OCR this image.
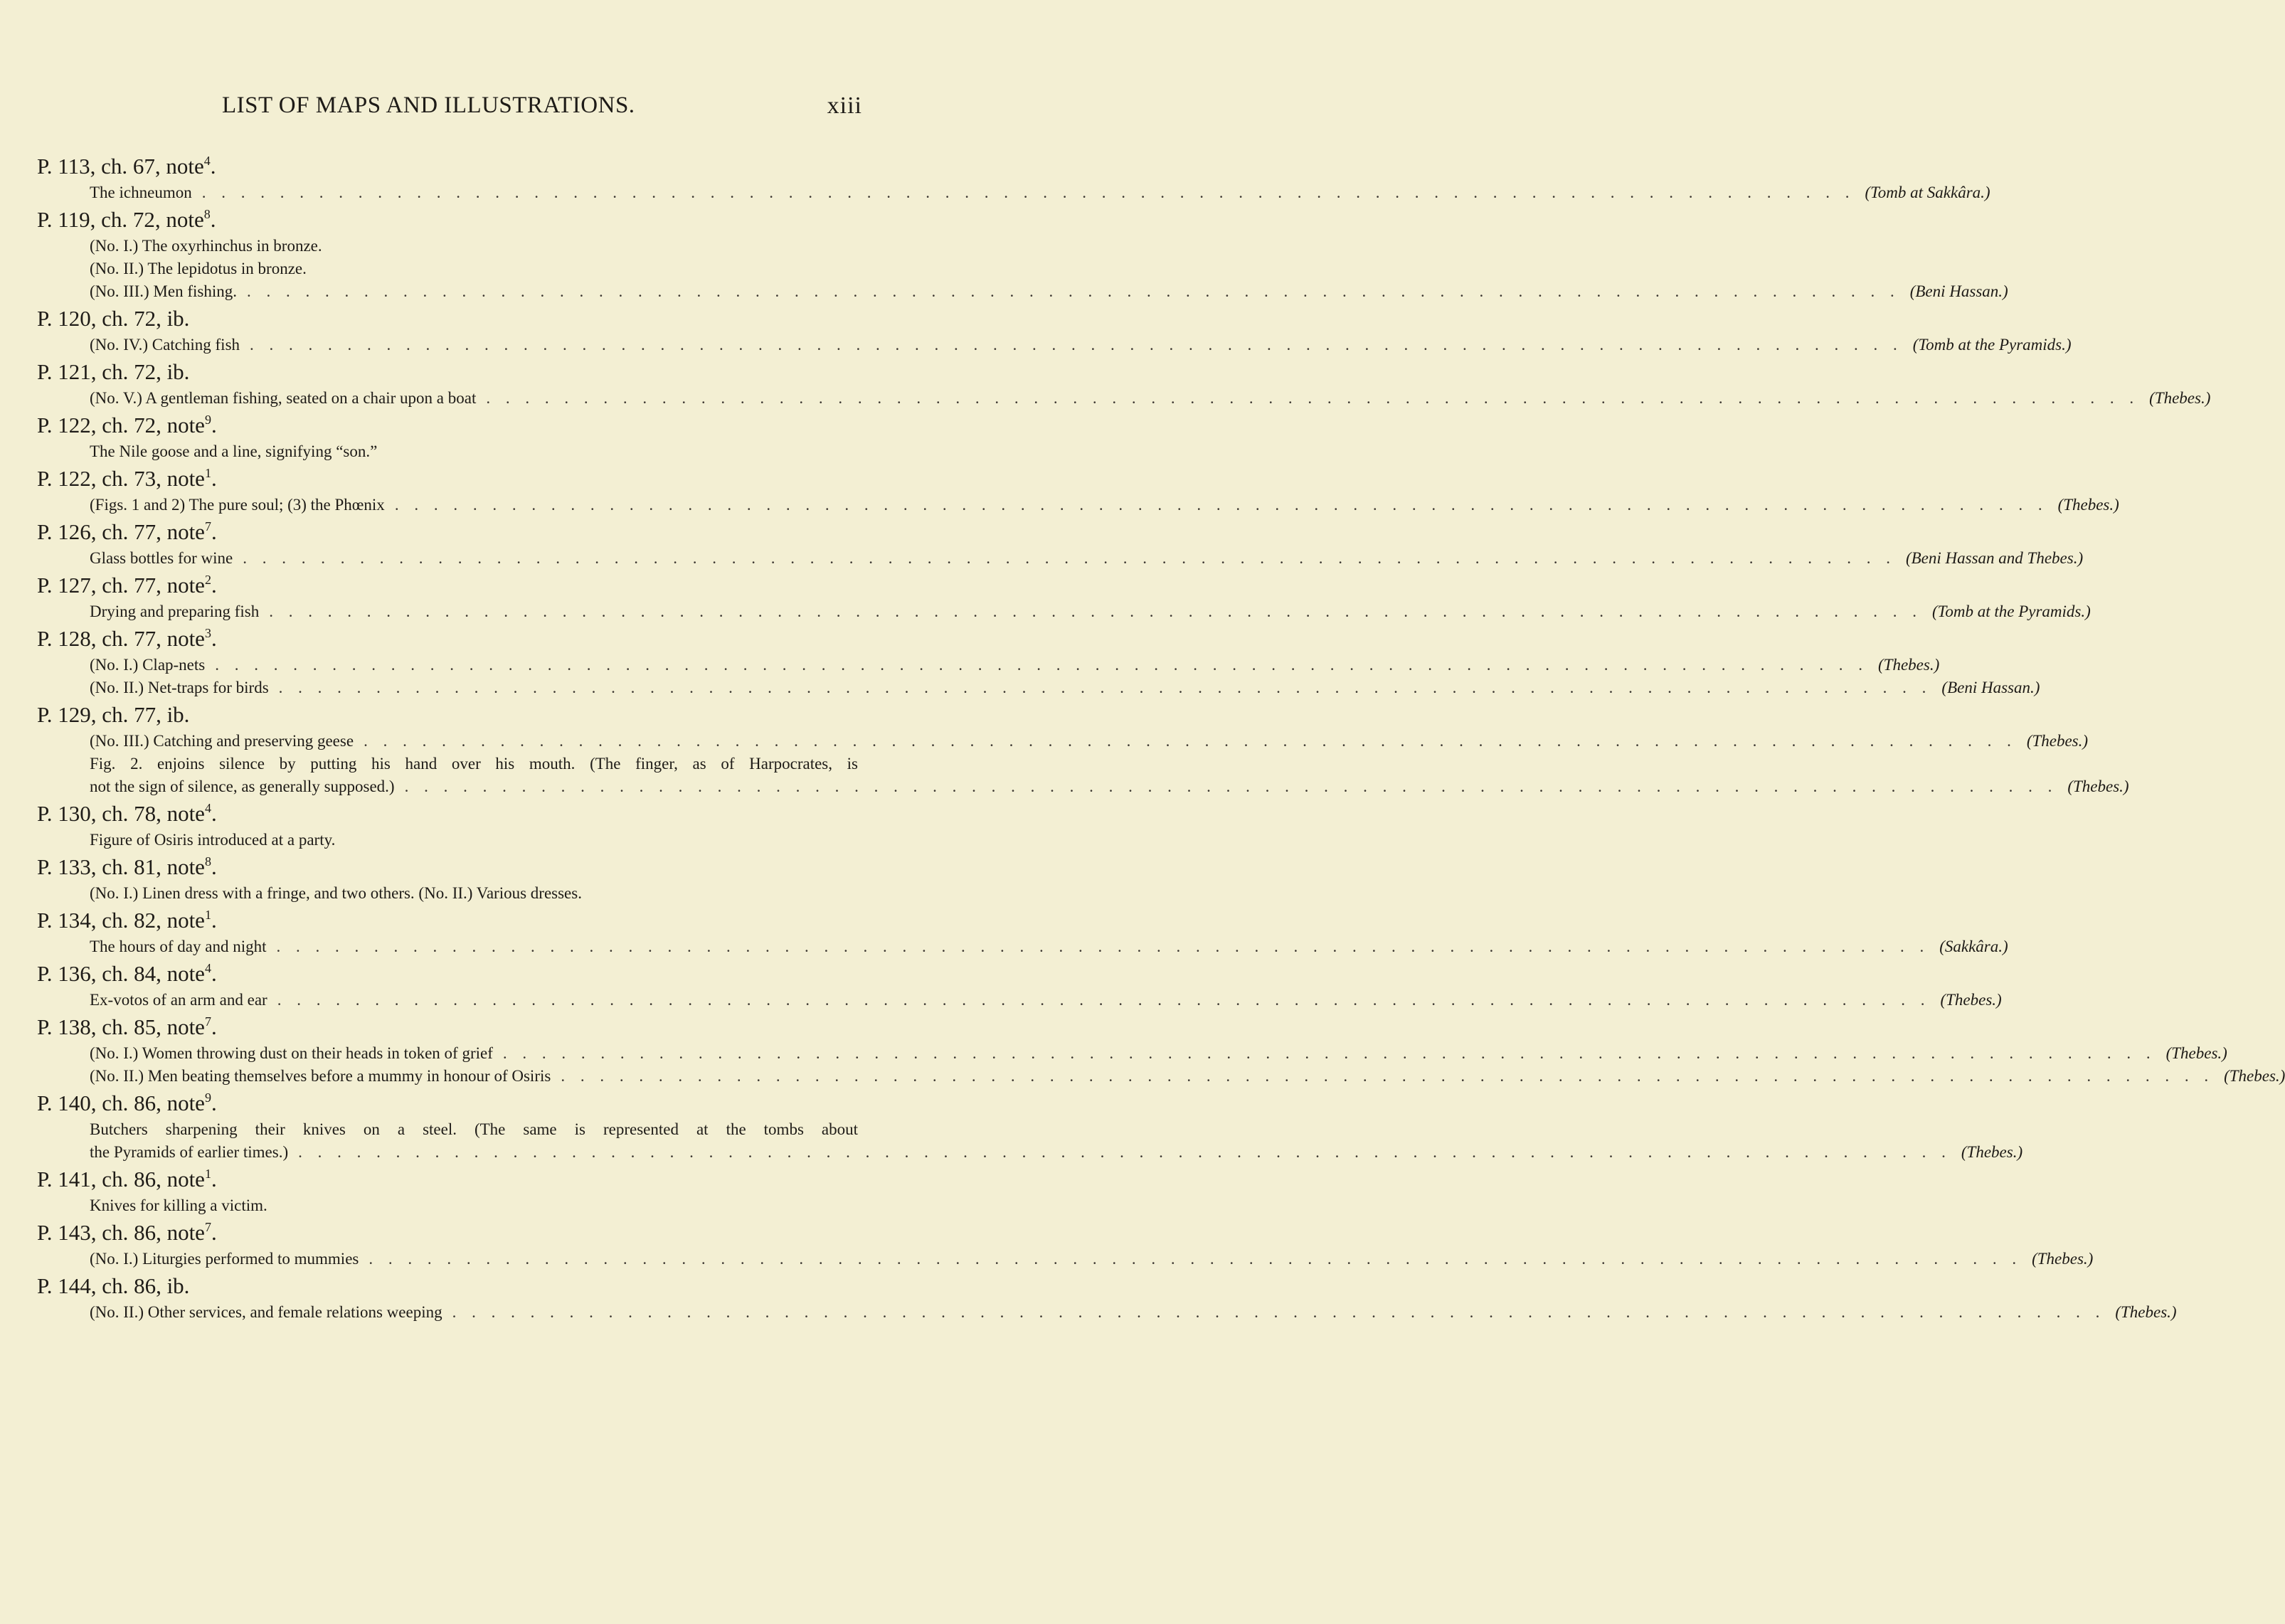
LIST OF MAPS AND ILLUSTRATIONS.	xiii
P. 113, ch. 67, note$^4$.
The ichneumon . . . . . . . . . . . . . . . . . . . . . . . . . . . . . . . . . . . . . . . . . . . . . . . . . . . . . . . . . . . . . . . . . . . . . . . . . . . . . . . . . . . . . (Tomb at Sakkâra.)
P. 119, ch. 72, note$^8$.
(No. I.) The oxyrhinchus in bronze.
(No. II.) The lepidotus in bronze.
(No. III.) Men fishing. . . . . . . . . . . . . . . . . . . . . . . . . . . . . . . . . . . . . . . . . . . . . . . . . . . . . . . . . . . . . . . . . . . . . . . . . . . . . . . . . . . . . . (Beni Hassan.)
P. 120, ch. 72, ib.
(No. IV.) Catching fish . . . . . . . . . . . . . . . . . . . . . . . . . . . . . . . . . . . . . . . . . . . . . . . . . . . . . . . . . . . . . . . . . . . . . . . . . . . . . . . . . . . . . (Tomb at the Pyramids.)
P. 121, ch. 72, ib.
(No. V.) A gentleman fishing, seated on a chair upon a boat . . . . . . . . . . . . . . . . . . . . . . . . . . . . . . . . . . . . . . . . . . . . . . . . . . . . . . . . . . . . . . . . . . . . . . . . . . . . . . . . . . . . . (Thebes.)
P. 122, ch. 72, note$^9$.
The Nile goose and a line, signifying “son.”
P. 122, ch. 73, note$^1$.
(Figs. 1 and 2) The pure soul; (3) the Phœnix . . . . . . . . . . . . . . . . . . . . . . . . . . . . . . . . . . . . . . . . . . . . . . . . . . . . . . . . . . . . . . . . . . . . . . . . . . . . . . . . . . . . . (Thebes.)
P. 126, ch. 77, note$^7$.
Glass bottles for wine . . . . . . . . . . . . . . . . . . . . . . . . . . . . . . . . . . . . . . . . . . . . . . . . . . . . . . . . . . . . . . . . . . . . . . . . . . . . . . . . . . . . . (Beni Hassan and Thebes.)
P. 127, ch. 77, note$^2$.
Drying and preparing fish . . . . . . . . . . . . . . . . . . . . . . . . . . . . . . . . . . . . . . . . . . . . . . . . . . . . . . . . . . . . . . . . . . . . . . . . . . . . . . . . . . . . . (Tomb at the Pyramids.)
P. 128, ch. 77, note$^3$.
(No. I.) Clap-nets . . . . . . . . . . . . . . . . . . . . . . . . . . . . . . . . . . . . . . . . . . . . . . . . . . . . . . . . . . . . . . . . . . . . . . . . . . . . . . . . . . . . . (Thebes.)
(No. II.) Net-traps for birds . . . . . . . . . . . . . . . . . . . . . . . . . . . . . . . . . . . . . . . . . . . . . . . . . . . . . . . . . . . . . . . . . . . . . . . . . . . . . . . . . . . . . (Beni Hassan.)
P. 129, ch. 77, ib.
(No. III.) Catching and preserving geese . . . . . . . . . . . . . . . . . . . . . . . . . . . . . . . . . . . . . . . . . . . . . . . . . . . . . . . . . . . . . . . . . . . . . . . . . . . . . . . . . . . . . (Thebes.)
Fig. 2. enjoins silence by putting his hand over his mouth. (The finger, as of Harpocrates, is
not the sign of silence, as generally supposed.) . . . . . . . . . . . . . . . . . . . . . . . . . . . . . . . . . . . . . . . . . . . . . . . . . . . . . . . . . . . . . . . . . . . . . . . . . . . . . . . . . . . . . (Thebes.)
P. 130, ch. 78, note$^4$.
Figure of Osiris introduced at a party.
P. 133, ch. 81, note$^8$.
(No. I.) Linen dress with a fringe, and two others. (No. II.) Various dresses.
P. 134, ch. 82, note$^1$.
The hours of day and night . . . . . . . . . . . . . . . . . . . . . . . . . . . . . . . . . . . . . . . . . . . . . . . . . . . . . . . . . . . . . . . . . . . . . . . . . . . . . . . . . . . . . (Sakkâra.)
P. 136, ch. 84, note$^4$.
Ex-votos of an arm and ear . . . . . . . . . . . . . . . . . . . . . . . . . . . . . . . . . . . . . . . . . . . . . . . . . . . . . . . . . . . . . . . . . . . . . . . . . . . . . . . . . . . . . (Thebes.)
P. 138, ch. 85, note$^7$.
(No. I.) Women throwing dust on their heads in token of grief . . . . . . . . . . . . . . . . . . . . . . . . . . . . . . . . . . . . . . . . . . . . . . . . . . . . . . . . . . . . . . . . . . . . . . . . . . . . . . . . . . . . . (Thebes.)
(No. II.) Men beating themselves before a mummy in honour of Osiris . . . . . . . . . . . . . . . . . . . . . . . . . . . . . . . . . . . . . . . . . . . . . . . . . . . . . . . . . . . . . . . . . . . . . . . . . . . . . . . . . . . . . (Thebes.)
P. 140, ch. 86, note$^9$.
Butchers sharpening their knives on a steel. (The same is represented at the tombs about
the Pyramids of earlier times.) . . . . . . . . . . . . . . . . . . . . . . . . . . . . . . . . . . . . . . . . . . . . . . . . . . . . . . . . . . . . . . . . . . . . . . . . . . . . . . . . . . . . . (Thebes.)
P. 141, ch. 86, note$^1$.
Knives for killing a victim.
P. 143, ch. 86, note$^7$.
(No. I.) Liturgies performed to mummies . . . . . . . . . . . . . . . . . . . . . . . . . . . . . . . . . . . . . . . . . . . . . . . . . . . . . . . . . . . . . . . . . . . . . . . . . . . . . . . . . . . . . (Thebes.)
P. 144, ch. 86, ib.
(No. II.) Other services, and female relations weeping . . . . . . . . . . . . . . . . . . . . . . . . . . . . . . . . . . . . . . . . . . . . . . . . . . . . . . . . . . . . . . . . . . . . . . . . . . . . . . . . . . . . . (Thebes.)
